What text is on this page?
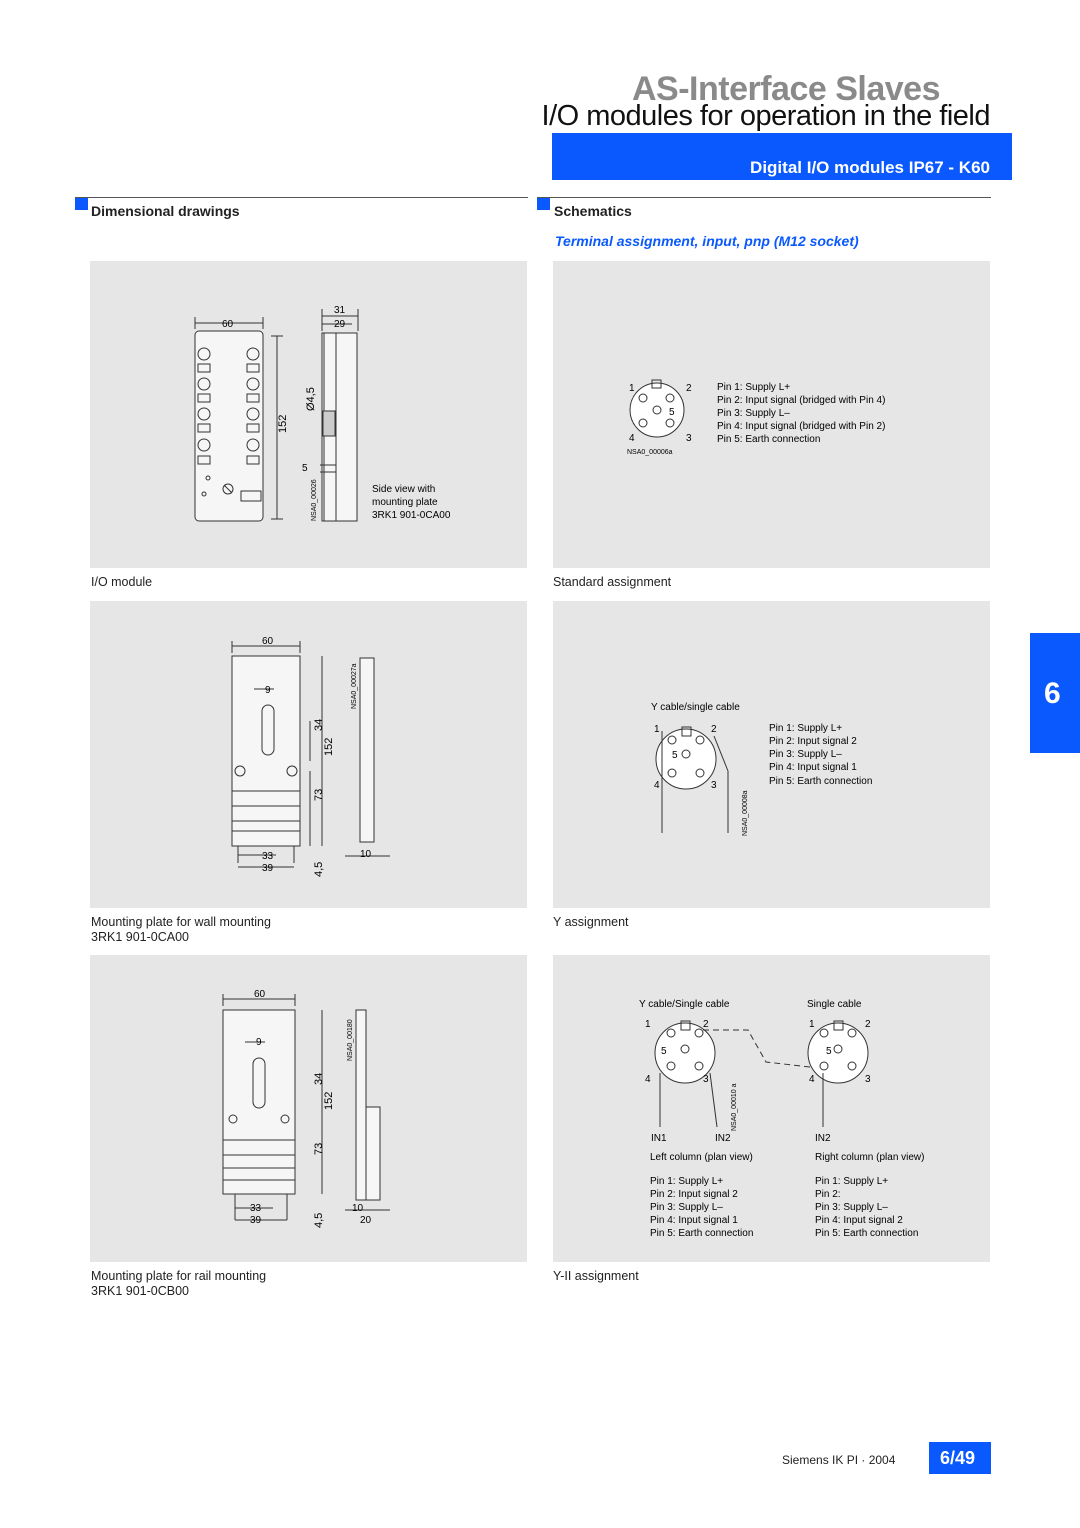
AS-Interface Slaves
I/O modules for operation in the field
Digital I/O modules IP67 - K60
Dimensional drawings	Schematics
Terminal assignment, input, pnp (M12 socket)
6
60
31
29
152
Ø4,5
5
NSA0_00026	Side view with
mounting plate
3RK1 901-0CA00
I/O module
60
9
34
152
73
33
39	4,5
10
NSA0_00027a
Mounting plate for wall mounting
3RK1 901-0CA00
60
9
34
152
73
33
39	4,5
10
20
NSA0_00180
Mounting plate for rail mounting
3RK1 901-0CB00
1	2
5
4	3
NSA0_00006a
Pin 1: Supply L+
Pin 2: Input signal (bridged with Pin 4)
Pin 3: Supply L–
Pin 4: Input signal (bridged with Pin 2)
Pin 5: Earth connection
Standard assignment
Y cable/single cable
1	2
5
4	3
NSA0_00008a
Pin 1: Supply L+
Pin 2: Input signal 2
Pin 3: Supply L–
Pin 4: Input signal 1
Pin 5: Earth connection
Y assignment
Y cable/Single cable	Single cable
1	2
5
4	3
1	2
5
4	3
NSA0_00010 a
IN1	IN2	IN2
Left column (plan view)	Right column (plan view)
Pin 1: Supply L+
Pin 2: Input signal 2
Pin 3: Supply L–
Pin 4: Input signal 1
Pin 5: Earth connection
Pin 1: Supply L+
Pin 2:
Pin 3: Supply L–
Pin 4: Input signal 2
Pin 5: Earth connection
Y-II assignment
Siemens IK PI · 2004 6/49
